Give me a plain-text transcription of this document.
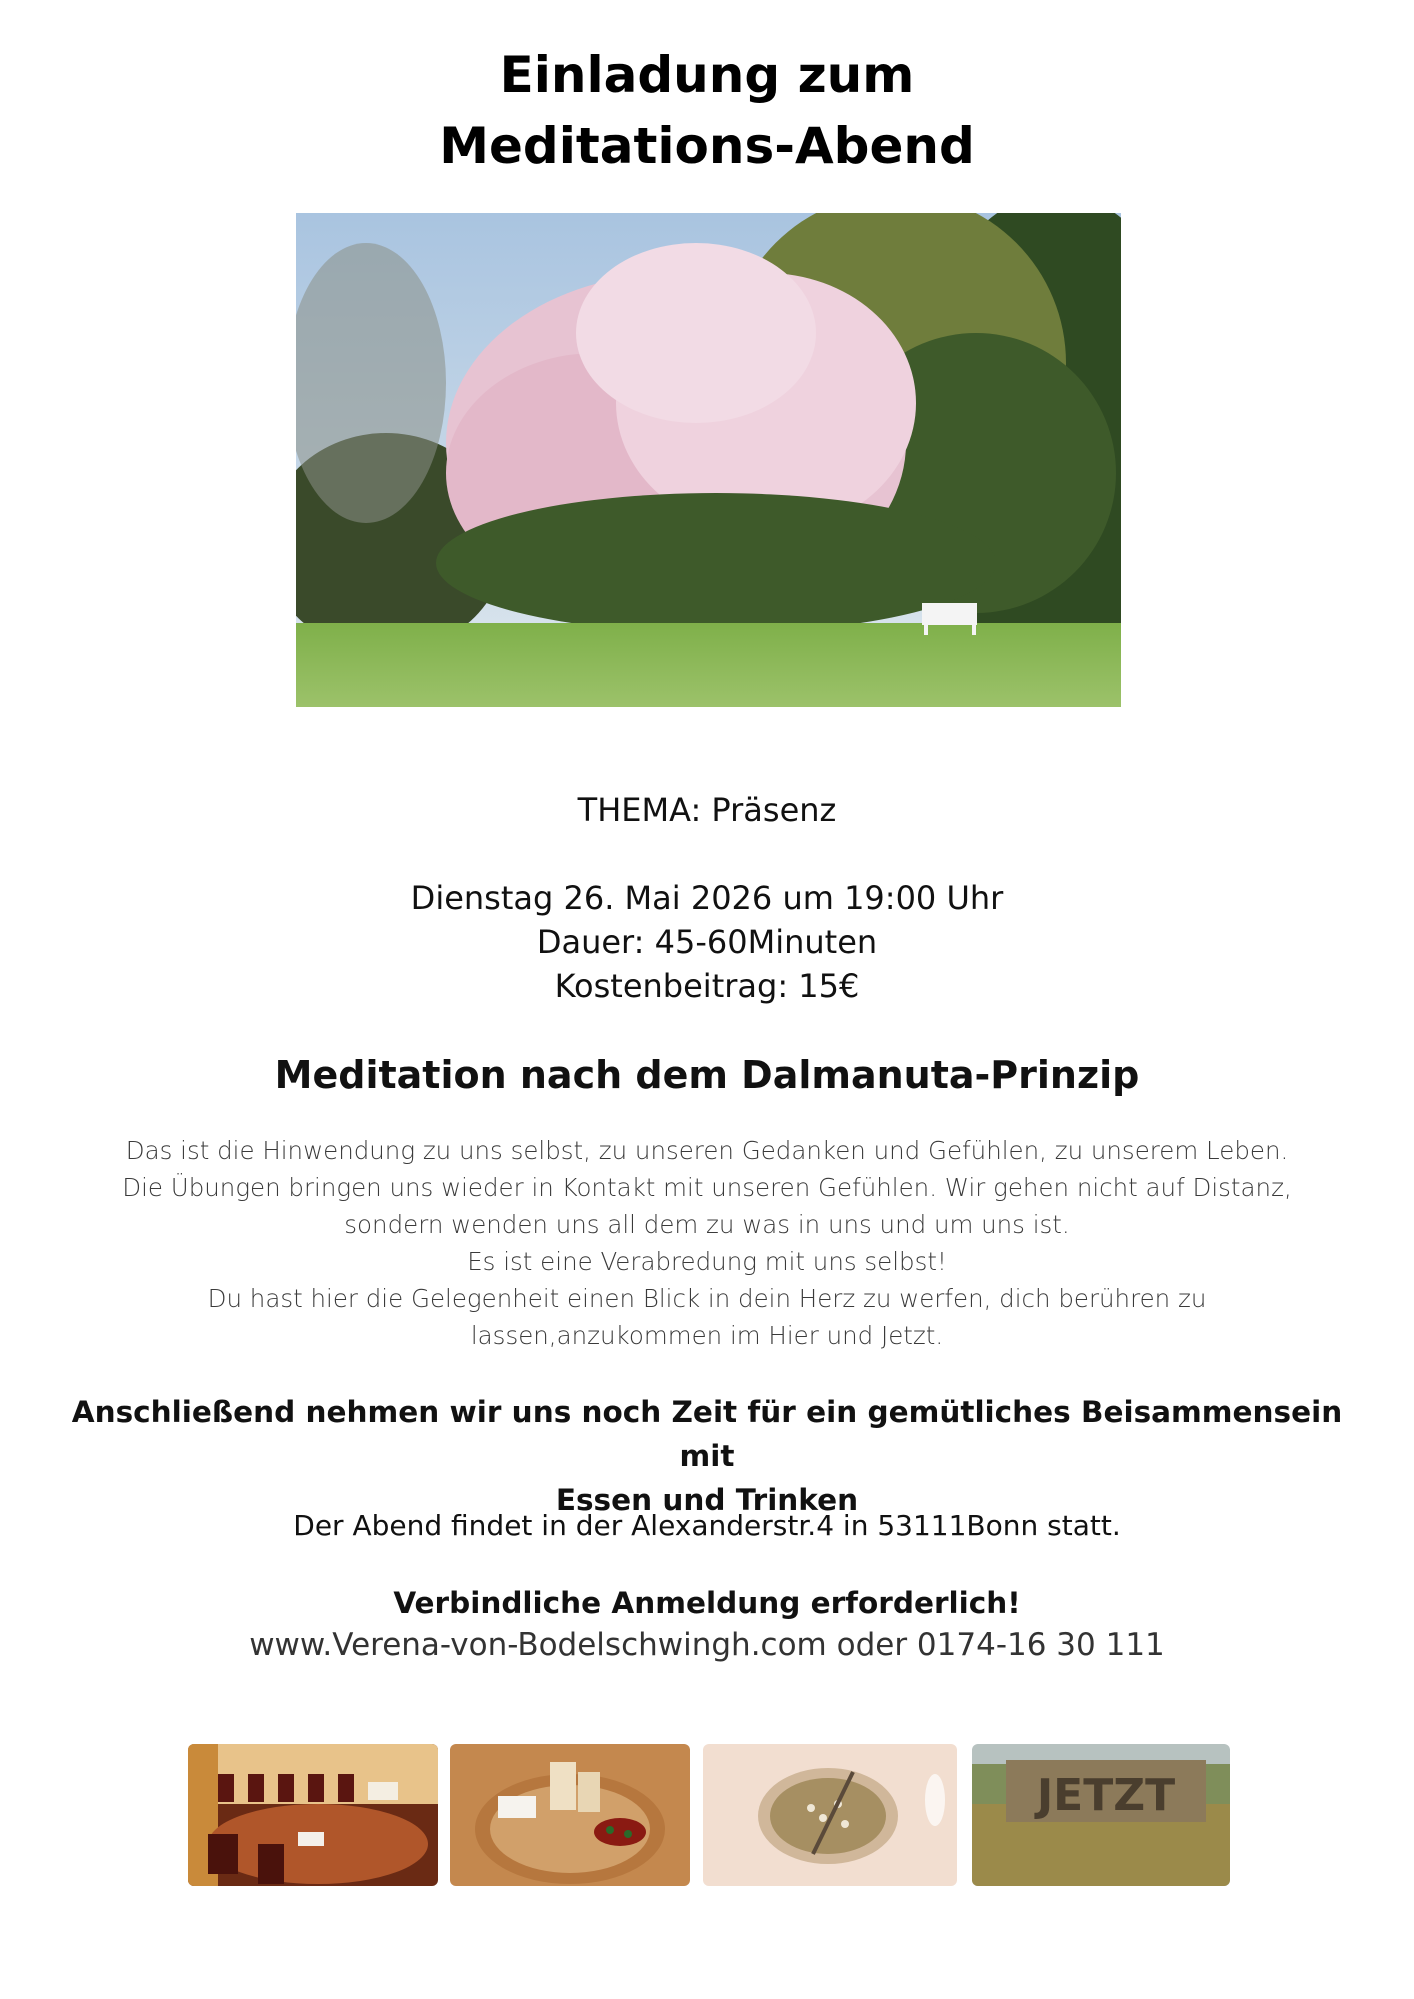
Einladung zum
Meditations-Abend
THEMA: Präsenz
Dienstag 26. Mai 2026 um 19:00 Uhr
Dauer: 45-60Minuten
Kostenbeitrag: 15€
Meditation nach dem Dalmanuta-Prinzip
Das ist die Hinwendung zu uns selbst, zu unseren Gedanken und Gefühlen, zu unserem Leben.
Die Übungen bringen uns wieder in Kontakt mit unseren Gefühlen. Wir gehen nicht auf Distanz,
sondern wenden uns all dem zu was in uns und um uns ist.
Es ist eine Verabredung mit uns selbst!
Du hast hier die Gelegenheit einen Blick in dein Herz zu werfen, dich berühren zu
lassen,anzukommen im Hier und Jetzt.
Anschließend nehmen wir uns noch Zeit für ein gemütliches Beisammensein mit
Essen und Trinken
Der Abend findet in der Alexanderstr.4 in 53111Bonn statt.
Verbindliche Anmeldung erforderlich!
www.Verena-von-Bodelschwingh.com oder 0174-16 30 111
JETZT
